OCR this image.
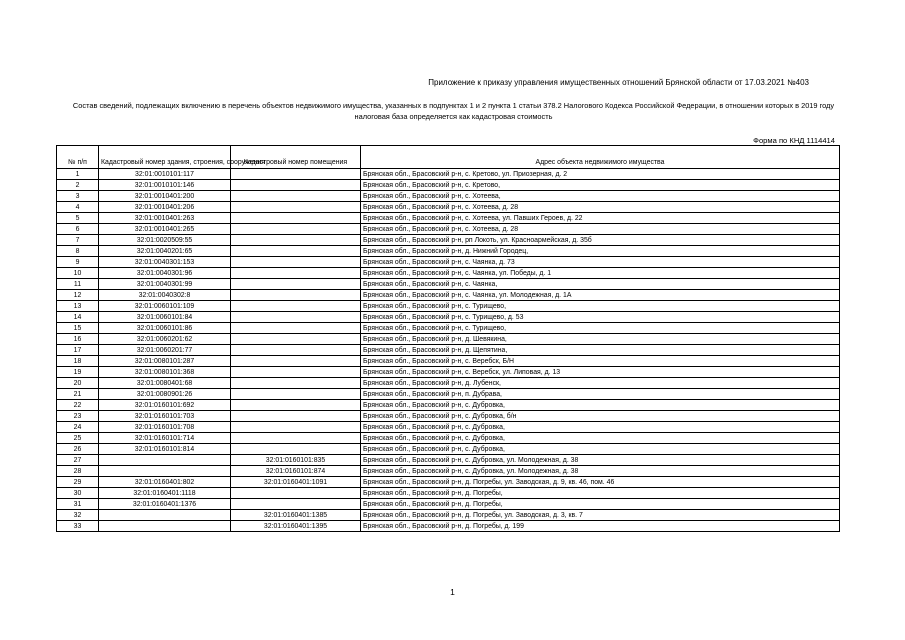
Приложение к приказу управления имущественных отношений Брянской области от 17.03.2021 №403
Состав сведений, подлежащих включению в перечень объектов недвижимого имущества, указанных в подпунктах 1 и 2 пункта 1 статьи 378.2 Налогового Кодекса Российской Федерации, в отношении которых в 2019 году налоговая база определяется как кадастровая стоимость
Форма по КНД 1114414
№ п/п	Кадастровый номер здания, строения, сооружения	Кадастровый номер помещения	Адрес объекта недвижимого имущества
1	32:01:0010101:117		Брянская обл., Брасовский р-н, с. Кретово, ул. Приозерная, д. 2
2	32:01:0010101:146		Брянская обл., Брасовский р-н, с. Кретово,
3	32:01:0010401:200		Брянская обл., Брасовский р-н, с. Хотеева,
4	32:01:0010401:206		Брянская обл., Брасовский р-н, с. Хотеева, д. 28
5	32:01:0010401:263		Брянская обл., Брасовский р-н, с. Хотеева, ул. Павших Героев, д. 22
6	32:01:0010401:265		Брянская обл., Брасовский р-н, с. Хотеева, д. 28
7	32:01:0020509:55		Брянская обл., Брасовский р-н, рп Локоть, ул. Красноармейская, д. 35б
8	32:01:0040201:65		Брянская обл., Брасовский р-н, д. Нижний Городец,
9	32:01:0040301:153		Брянская обл., Брасовский р-н, с. Чаянка, д. 73
10	32:01:0040301:96		Брянская обл., Брасовский р-н, с. Чаянка, ул. Победы, д. 1
11	32:01:0040301:99		Брянская обл., Брасовский р-н, с. Чаянка,
12	32:01:0040302:8		Брянская обл., Брасовский р-н, с. Чаянка, ул. Молодежная, д. 1А
13	32:01:0060101:109		Брянская обл., Брасовский р-н, с. Турищево,
14	32:01:0060101:84		Брянская обл., Брасовский р-н, с. Турищево, д. 53
15	32:01:0060101:86		Брянская обл., Брасовский р-н, с. Турищево,
16	32:01:0060201:62		Брянская обл., Брасовский р-н, д. Шевякина,
17	32:01:0060201:77		Брянская обл., Брасовский р-н, д. Щепятина,
18	32:01:0080101:287		Брянская обл., Брасовский р-н, с. Веребск, Б/Н
19	32:01:0080101:368		Брянская обл., Брасовский р-н, с. Веребск, ул. Липовая, д. 13
20	32:01:0080401:68		Брянская обл., Брасовский р-н, д. Лубенск,
21	32:01:0080901:26		Брянская обл., Брасовский р-н, п. Дубрава,
22	32:01:0160101:692		Брянская обл., Брасовский р-н, с. Дубровка,
23	32:01:0160101:703		Брянская обл., Брасовский р-н, с. Дубровка, б/н
24	32:01:0160101:708		Брянская обл., Брасовский р-н, с. Дубровка,
25	32:01:0160101:714		Брянская обл., Брасовский р-н, с. Дубровка,
26	32:01:0160101:814		Брянская обл., Брасовский р-н, с. Дубровка,
27		32:01:0160101:835	Брянская обл., Брасовский р-н, с. Дубровка, ул. Молодежная, д. 38
28		32:01:0160101:874	Брянская обл., Брасовский р-н, с. Дубровка, ул. Молодежная, д. 38
29	32:01:0160401:802	32:01:0160401:1091	Брянская обл., Брасовский р-н, д. Погребы, ул. Заводская, д. 9, кв. 46, пом. 46
30	32:01:0160401:1118		Брянская обл., Брасовский р-н, д. Погребы,
31	32:01:0160401:1376		Брянская обл., Брасовский р-н, д. Погребы,
32		32:01:0160401:1385	Брянская обл., Брасовский р-н, д. Погребы, ул. Заводская, д. 3, кв. 7
33		32:01:0160401:1395	Брянская обл., Брасовский р-н, д. Погребы, д. 199
1
